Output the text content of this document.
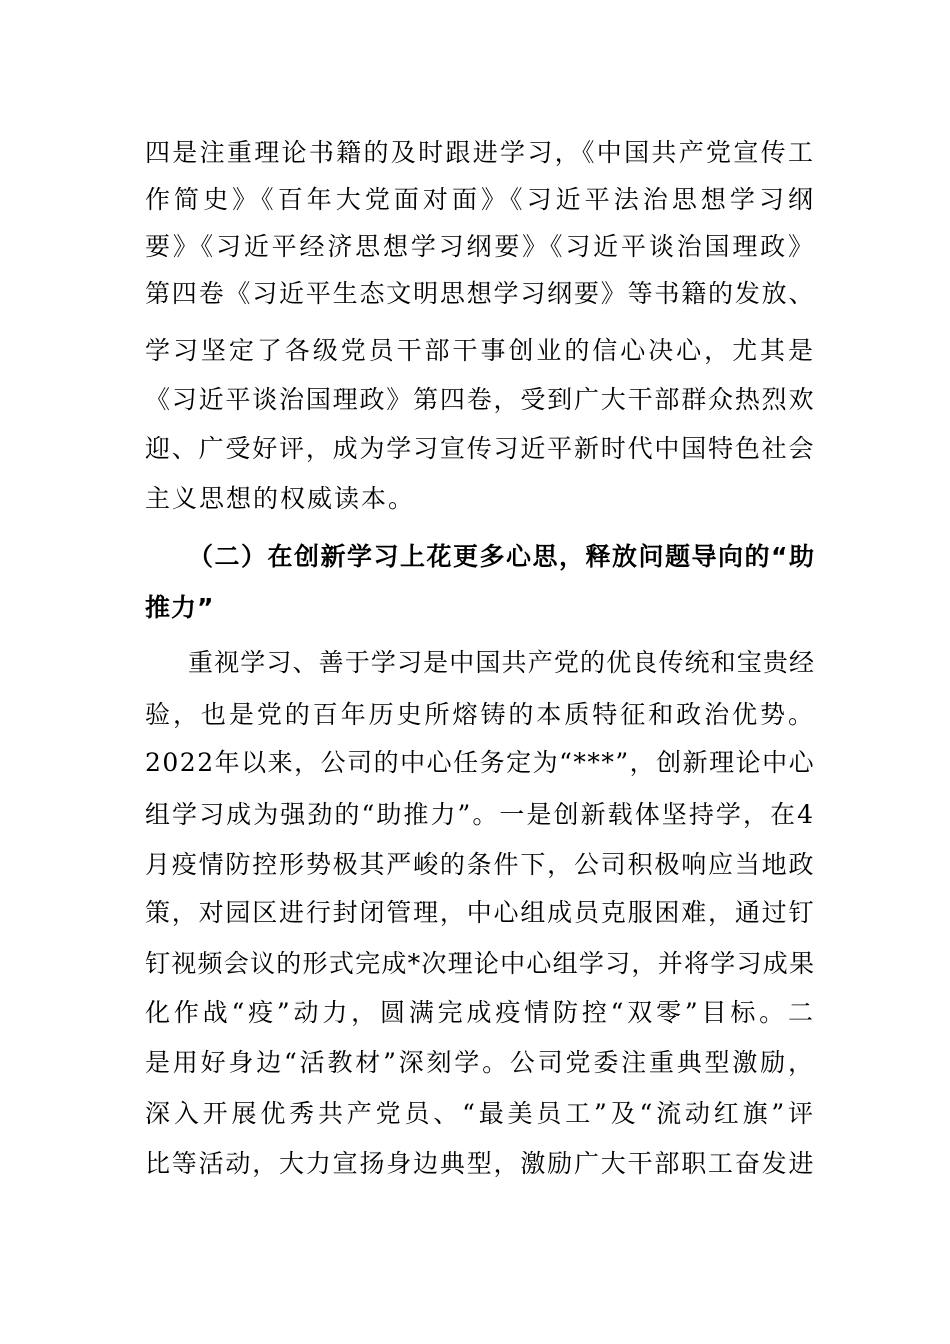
四是注重理论书籍的及时跟进学习，《中国共产党宣传工
作简史》《百年大党面对面》《习近平法治思想学习纲
要》《习近平经济思想学习纲要》《习近平谈治国理政》
第四卷《习近平生态文明思想学习纲要》等书籍的发放、
学习坚定了各级党员干部干事创业的信心决心，尤其是
《习近平谈治国理政》第四卷，受到广大干部群众热烈欢
迎、广受好评，成为学习宣传习近平新时代中国特色社会
主义思想的权威读本。
（二）在创新学习上花更多心思，释放问题导向的“助
推力”
重视学习、善于学习是中国共产党的优良传统和宝贵经
验，也是党的百年历史所熔铸的本质特征和政治优势。
2022年以来，公司的中心任务定为“***”，创新理论中心
组学习成为强劲的“助推力”。一是创新载体坚持学，在4
月疫情防控形势极其严峻的条件下，公司积极响应当地政
策，对园区进行封闭管理，中心组成员克服困难，通过钉
钉视频会议的形式完成*次理论中心组学习，并将学习成果
化作战“疫”动力，圆满完成疫情防控“双零”目标。二
是用好身边“活教材”深刻学。公司党委注重典型激励，
深入开展优秀共产党员、“最美员工”及“流动红旗”评
比等活动，大力宣扬身边典型，激励广大干部职工奋发进
